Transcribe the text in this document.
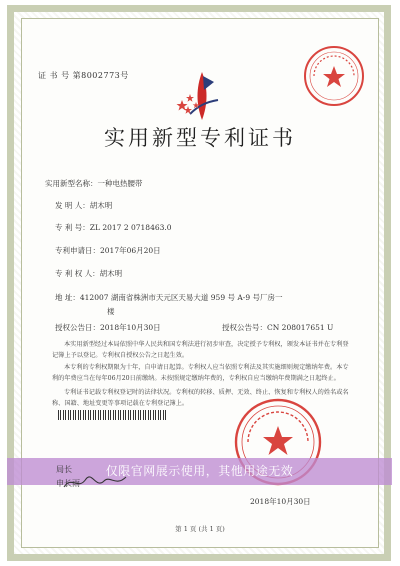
证 书 号 第8002773号
实用新型专利证书
实用新型名称：一种电热腰带
发 明 人：胡木明
专 利 号：ZL 2017 2 0718463.0
专利申请日：2017年06月20日
专 利 权 人：胡木明
地 址：412007 湖南省株洲市天元区天易大道 959 号 A-9 号厂房一
楼
授权公告日：2018年10月30日	授权公告号：CN 208017651 U
本实用新型经过本局依照中华人民共和国专利法进行初步审查，决定授予专利权，颁发本证书并在专利登记簿上予以登记。专利权自授权公告之日起生效。
本专利的专利权期限为十年，自申请日起算。专利权人应当依照专利法及其实施细则规定缴纳年费。本专利的年费应当在每年06月20日前缴纳。未按照规定缴纳年费的，专利权自应当缴纳年费期满之日起终止。
专利证书记载专利权登记时的法律状况。专利权的转移、质押、无效、终止、恢复和专利权人的姓名或名称、国籍、地址变更等事项记载在专利登记簿上。
仅限官网展示使用，其他用途无效
局长
申长雨
2018年10月30日
第 1 页 (共 1 页)
